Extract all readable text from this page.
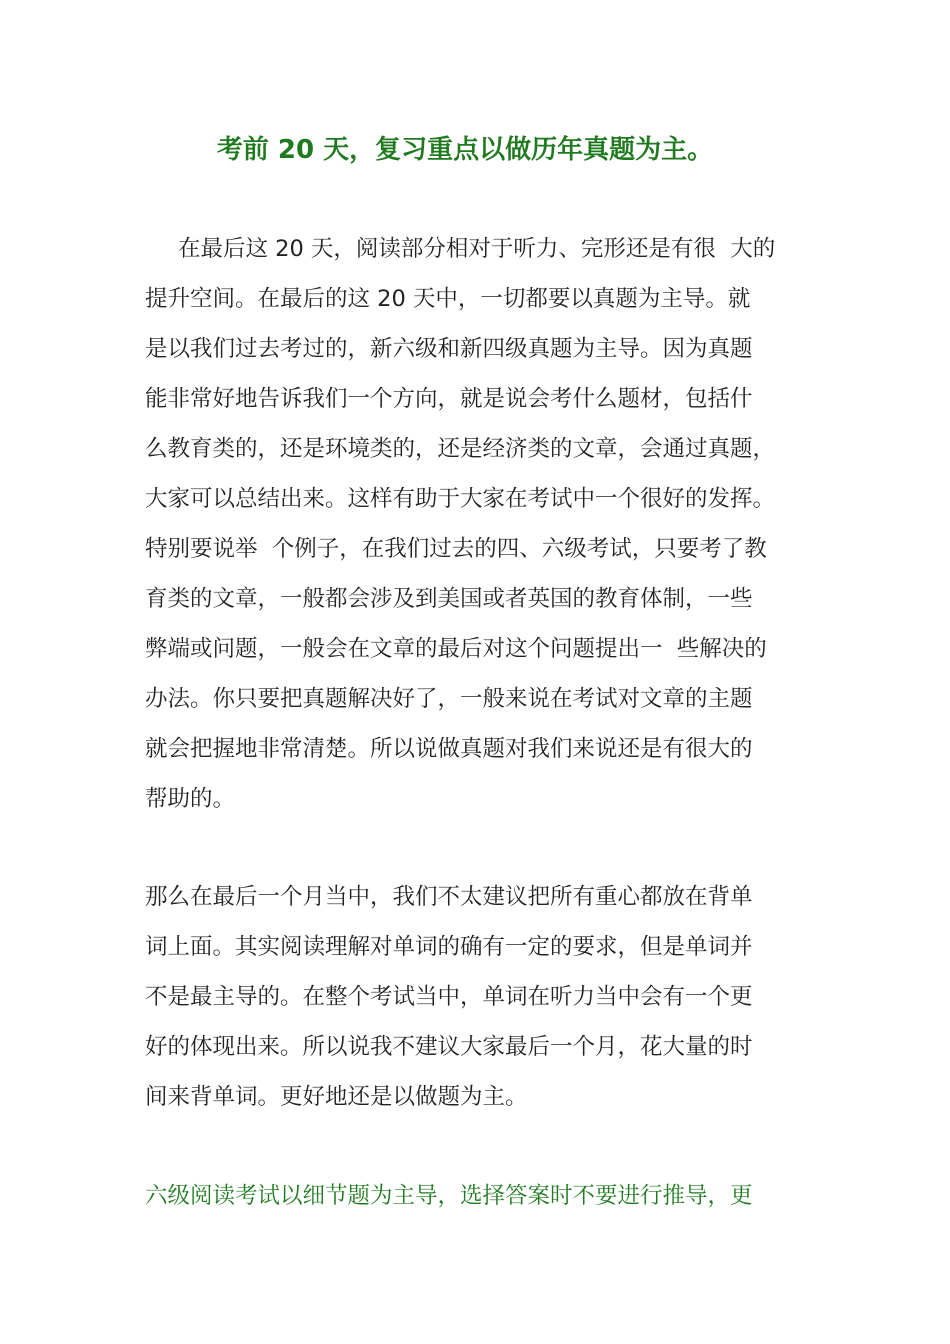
考前 20 天，复习重点以做历年真题为主。
在最后这 20 天，阅读部分相对于听力、完形还是有很  大的
提升空间。在最后的这 20 天中，一切都要以真题为主导。就
是以我们过去考过的，新六级和新四级真题为主导。因为真题
能非常好地告诉我们一个方向，就是说会考什么题材，包括什
么教育类的，还是环境类的，还是经济类的文章，会通过真题，
大家可以总结出来。这样有助于大家在考试中一个很好的发挥。
特别要说举  个例子，在我们过去的四、六级考试，只要考了教
育类的文章，一般都会涉及到美国或者英国的教育体制，一些
弊端或问题，一般会在文章的最后对这个问题提出一  些解决的
办法。你只要把真题解决好了，一般来说在考试对文章的主题
就会把握地非常清楚。所以说做真题对我们来说还是有很大的
帮助的。
那么在最后一个月当中，我们不太建议把所有重心都放在背单
词上面。其实阅读理解对单词的确有一定的要求，但是单词并
不是最主导的。在整个考试当中，单词在听力当中会有一个更
好的体现出来。所以说我不建议大家最后一个月，花大量的时
间来背单词。更好地还是以做题为主。
六级阅读考试以细节题为主导，选择答案时不要进行推导，更
